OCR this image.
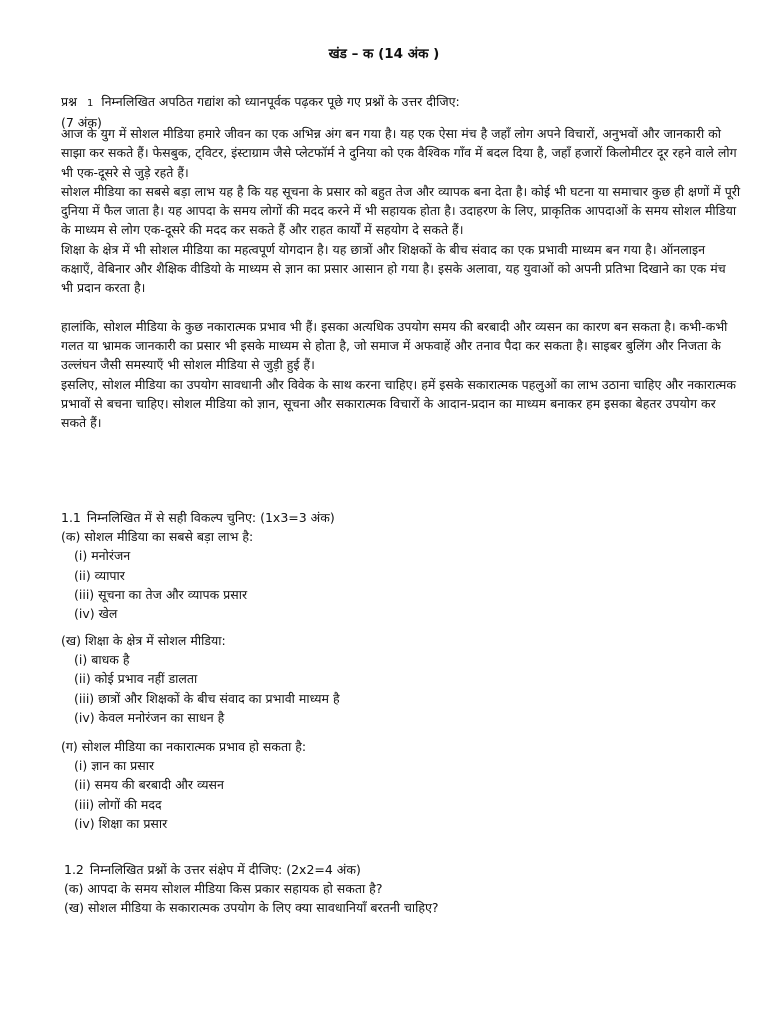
खंड – क (14 अंक )
प्रश्न 1 निम्नलिखित अपठित गद्यांश को ध्यानपूर्वक पढ़कर पूछे गए प्रश्नों के उत्तर दीजिए:
(7 अंक)

आज के युग में सोशल मीडिया हमारे जीवन का एक अभिन्न अंग बन गया है। यह एक ऐसा मंच है जहाँ लोग अपने विचारों, अनुभवों और जानकारी को साझा कर सकते हैं। फेसबुक, ट्विटर, इंस्टाग्राम जैसे प्लेटफॉर्म ने दुनिया को एक वैश्विक गाँव में बदल दिया है, जहाँ हजारों किलोमीटर दूर रहने वाले लोग भी एक-दूसरे से जुड़े रहते हैं।

सोशल मीडिया का सबसे बड़ा लाभ यह है कि यह सूचना के प्रसार को बहुत तेज और व्यापक बना देता है। कोई भी घटना या समाचार कुछ ही क्षणों में पूरी दुनिया में फैल जाता है। यह आपदा के समय लोगों की मदद करने में भी सहायक होता है। उदाहरण के लिए, प्राकृतिक आपदाओं के समय सोशल मीडिया के माध्यम से लोग एक-दूसरे की मदद कर सकते हैं और राहत कार्यों में सहयोग दे सकते हैं।

शिक्षा के क्षेत्र में भी सोशल मीडिया का महत्वपूर्ण योगदान है। यह छात्रों और शिक्षकों के बीच संवाद का एक प्रभावी माध्यम बन गया है। ऑनलाइन कक्षाएँ, वेबिनार और शैक्षिक वीडियो के माध्यम से ज्ञान का प्रसार आसान हो गया है। इसके अलावा, यह युवाओं को अपनी प्रतिभा दिखाने का एक मंच भी प्रदान करता है।

हालांकि, सोशल मीडिया के कुछ नकारात्मक प्रभाव भी हैं। इसका अत्यधिक उपयोग समय की बरबादी और व्यसन का कारण बन सकता है। कभी-कभी गलत या भ्रामक जानकारी का प्रसार भी इसके माध्यम से होता है, जो समाज में अफवाहें और तनाव पैदा कर सकता है। साइबर बुलिंग और निजता के उल्लंघन जैसी समस्याएँ भी सोशल मीडिया से जुड़ी हुई हैं।

इसलिए, सोशल मीडिया का उपयोग सावधानी और विवेक के साथ करना चाहिए। हमें इसके सकारात्मक पहलुओं का लाभ उठाना चाहिए और नकारात्मक प्रभावों से बचना चाहिए। सोशल मीडिया को ज्ञान, सूचना और सकारात्मक विचारों के आदान-प्रदान का माध्यम बनाकर हम इसका बेहतर उपयोग कर सकते हैं।

1.1 निम्नलिखित में से सही विकल्प चुनिए: (1x3=3 अंक)
(क) सोशल मीडिया का सबसे बड़ा लाभ है:
(i) मनोरंजन
(ii) व्यापार
(iii) सूचना का तेज और व्यापक प्रसार
(iv) खेल
(ख) शिक्षा के क्षेत्र में सोशल मीडिया:
(i) बाधक है
(ii) कोई प्रभाव नहीं डालता
(iii) छात्रों और शिक्षकों के बीच संवाद का प्रभावी माध्यम है
(iv) केवल मनोरंजन का साधन है
(ग) सोशल मीडिया का नकारात्मक प्रभाव हो सकता है:
(i) ज्ञान का प्रसार
(ii) समय की बरबादी और व्यसन
(iii) लोगों की मदद
(iv) शिक्षा का प्रसार
1.2 निम्नलिखित प्रश्नों के उत्तर संक्षेप में दीजिए: (2x2=4 अंक)
(क) आपदा के समय सोशल मीडिया किस प्रकार सहायक हो सकता है?
(ख) सोशल मीडिया के सकारात्मक उपयोग के लिए क्या सावधानियाँ बरतनी चाहिए?
